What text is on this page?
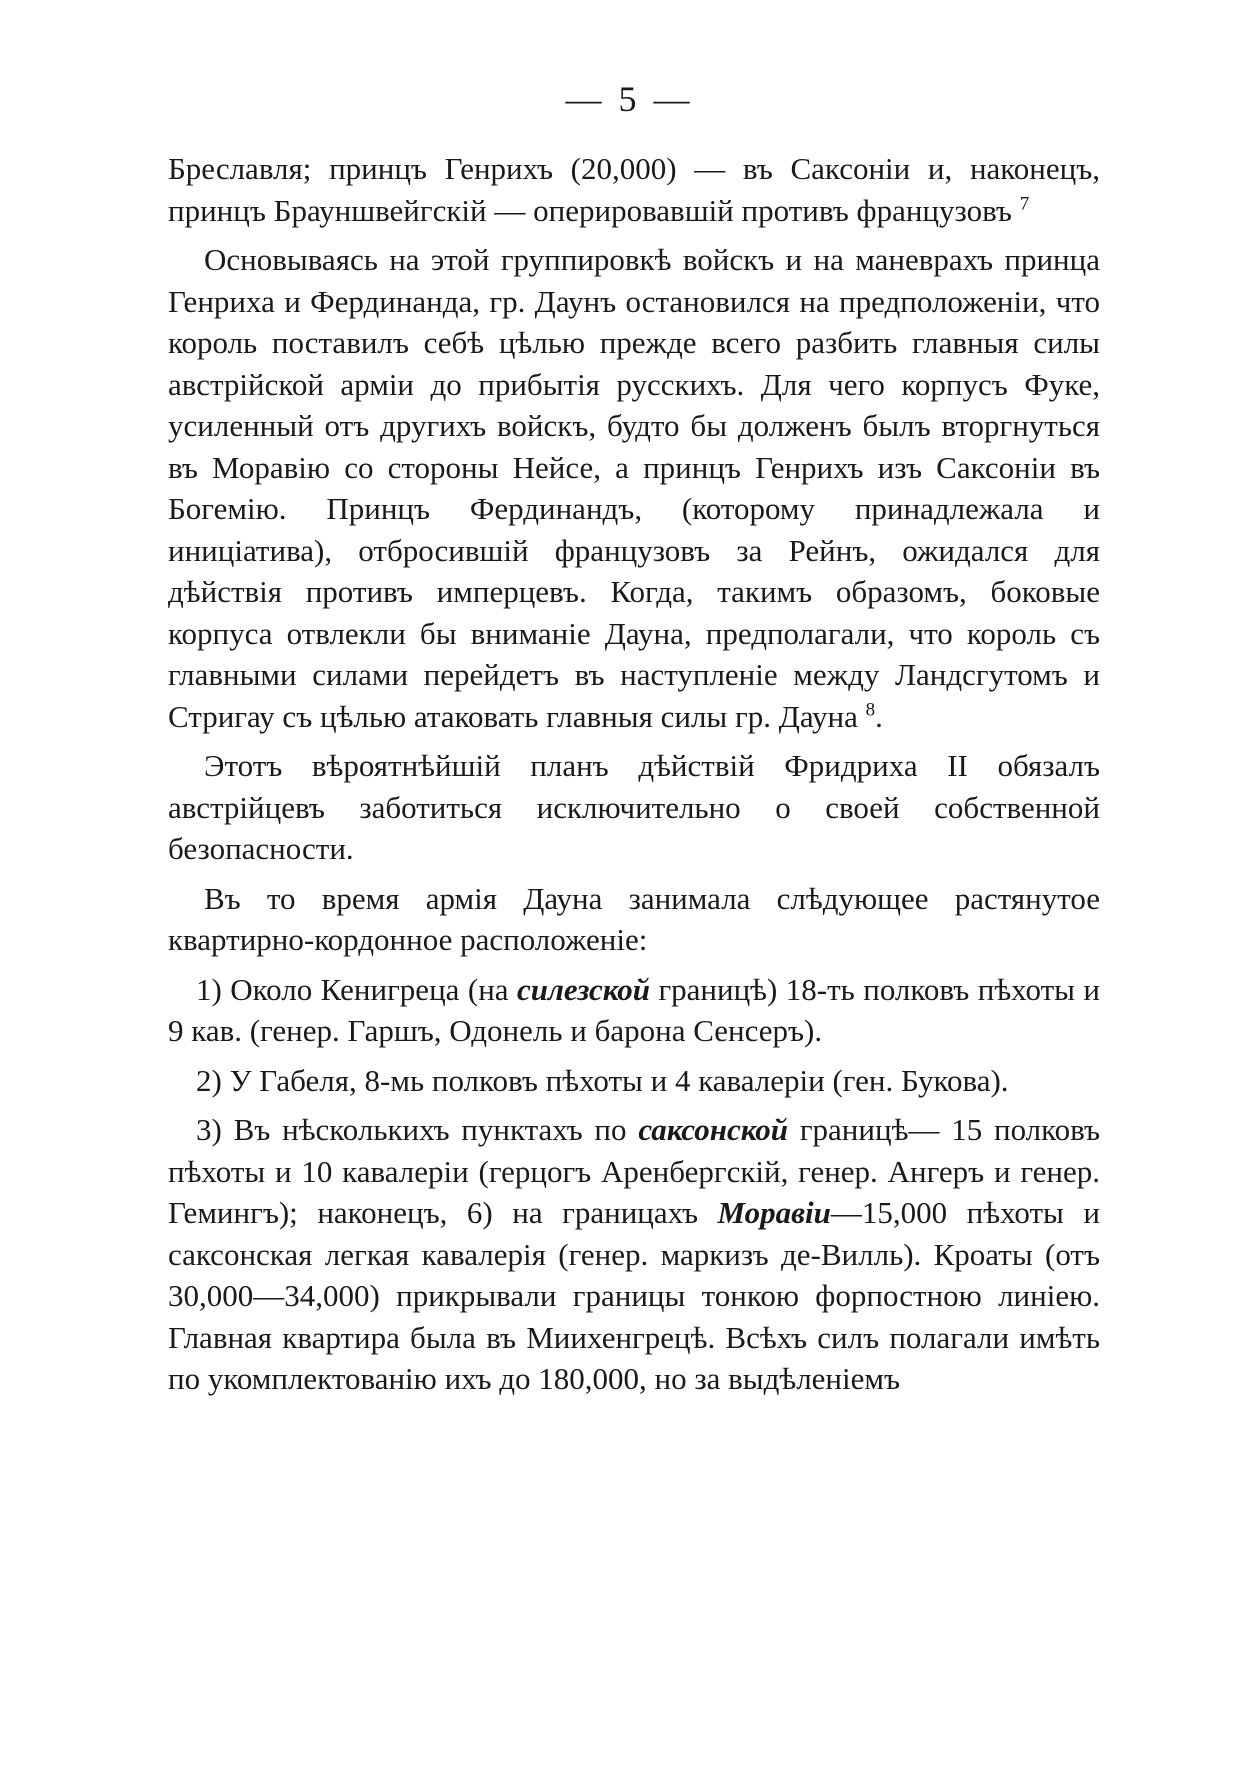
— 5 —

Бреславля; принцъ Генрихъ (20,000) — въ Саксоніи и, наконецъ, принцъ Брауншвейгскій — оперировавшій противъ французовъ $^7$

Основываясь на этой группировкѣ войскъ и на маневрахъ принца Генриха и Фердинанда, гр. Даунъ остановился на предположеніи, что король поставилъ себѣ цѣлью прежде всего разбить главныя силы австрійской арміи до прибытія русскихъ. Для чего корпусъ Фуке, усиленный отъ другихъ войскъ, будто бы долженъ былъ вторгнуться въ Моравію со стороны Нейсе, а принцъ Генрихъ изъ Саксоніи въ Богемію. Принцъ Фердинандъ, (которому принадлежала и иниціатива), отбросившій французовъ за Рейнъ, ожидался для дѣйствія противъ имперцевъ. Когда, такимъ образомъ, боковые корпуса отвлекли бы вниманіе Дауна, предполагали, что король съ главными силами перейдетъ въ наступленіе между Ландсгутомъ и Стригау съ цѣлью атаковать главныя силы гр. Дауна $^8$.

Этотъ вѣроятнѣйшій планъ дѣйствій Фридриха II обязалъ австрійцевъ заботиться исключительно о своей собственной безопасности.

Въ то время армія Дауна занимала слѣдующее растянутое квартирно-кордонное расположеніе:

1) Около Кенигреца (на силезской границѣ) 18-ть полковъ пѣхоты и 9 кав. (генер. Гаршъ, Одонель и барона Сенсеръ).

2) У Габеля, 8-мь полковъ пѣхоты и 4 кавалеріи (ген. Букова).

3) Въ нѣсколькихъ пунктахъ по саксонской границѣ— 15 полковъ пѣхоты и 10 кавалеріи (герцогъ Аренбергскій, генер. Ангеръ и генер. Гемингъ); наконецъ, 6) на границахъ Моравіи—15,000 пѣхоты и саксонская легкая кавалерія (генер. маркизъ де-Вилль). Кроаты (отъ 30,000—34,000) прикрывали границы тонкою форпостною линіею. Главная квартира была въ Миихенгрецѣ. Всѣхъ силъ полагали имѣть по укомплектованію ихъ до 180,000, но за выдѣленіемъ
